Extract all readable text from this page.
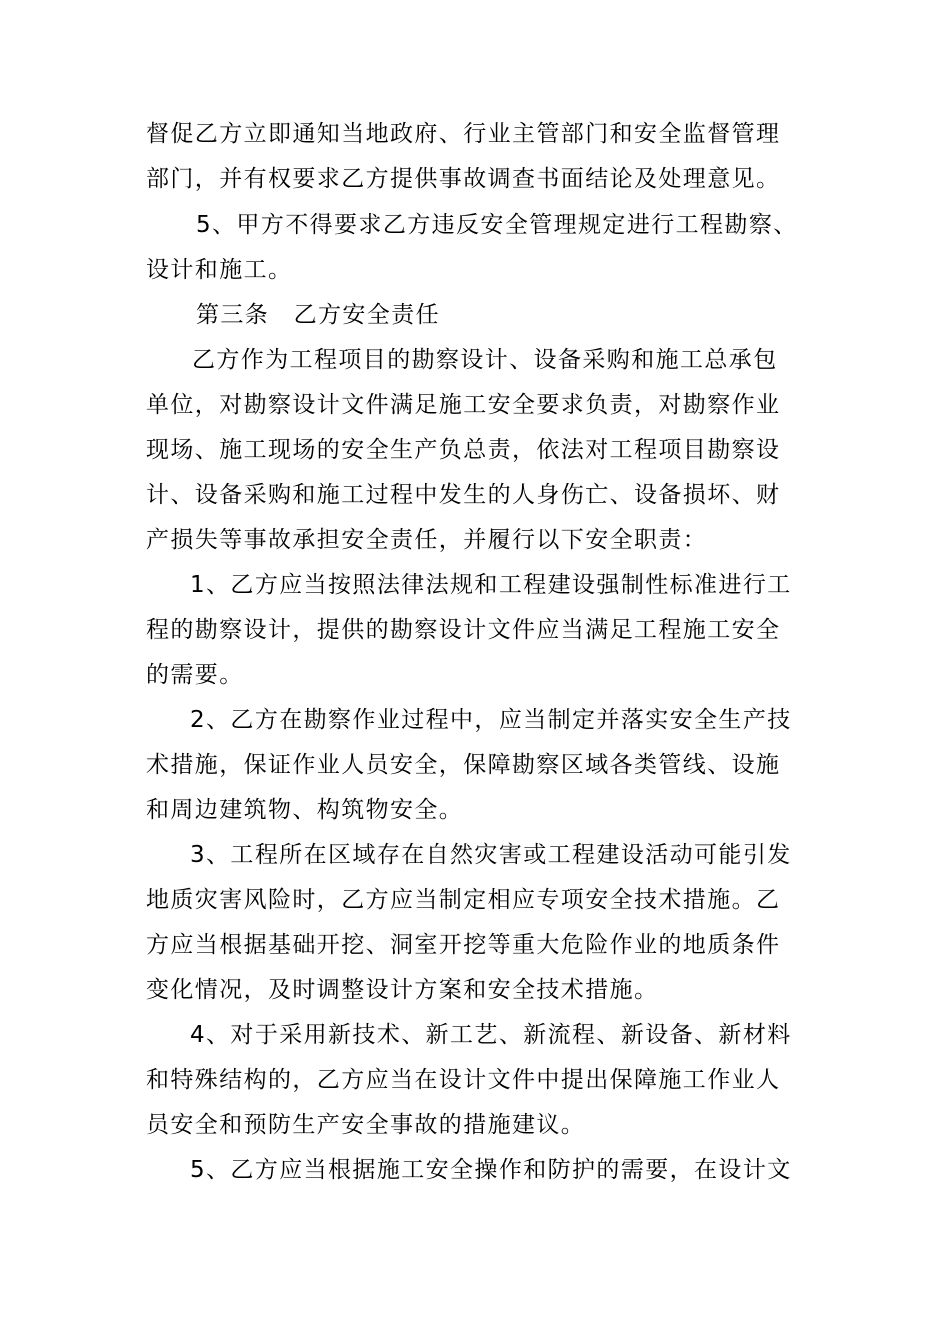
督促乙方立即通知当地政府、行业主管部门和安全监督管理
部门，并有权要求乙方提供事故调查书面结论及处理意见。
5、甲方不得要求乙方违反安全管理规定进行工程勘察、
设计和施工。
第三条　乙方安全责任
乙方作为工程项目的勘察设计、设备采购和施工总承包
单位，对勘察设计文件满足施工安全要求负责，对勘察作业
现场、施工现场的安全生产负总责，依法对工程项目勘察设
计、设备采购和施工过程中发生的人身伤亡、设备损坏、财
产损失等事故承担安全责任，并履行以下安全职责：
1、乙方应当按照法律法规和工程建设强制性标准进行工
程的勘察设计，提供的勘察设计文件应当满足工程施工安全
的需要。
2、乙方在勘察作业过程中，应当制定并落实安全生产技
术措施，保证作业人员安全，保障勘察区域各类管线、设施
和周边建筑物、构筑物安全。
3、工程所在区域存在自然灾害或工程建设活动可能引发
地质灾害风险时，乙方应当制定相应专项安全技术措施。乙
方应当根据基础开挖、洞室开挖等重大危险作业的地质条件
变化情况，及时调整设计方案和安全技术措施。
4、对于采用新技术、新工艺、新流程、新设备、新材料
和特殊结构的，乙方应当在设计文件中提出保障施工作业人
员安全和预防生产安全事故的措施建议。
5、乙方应当根据施工安全操作和防护的需要，在设计文
